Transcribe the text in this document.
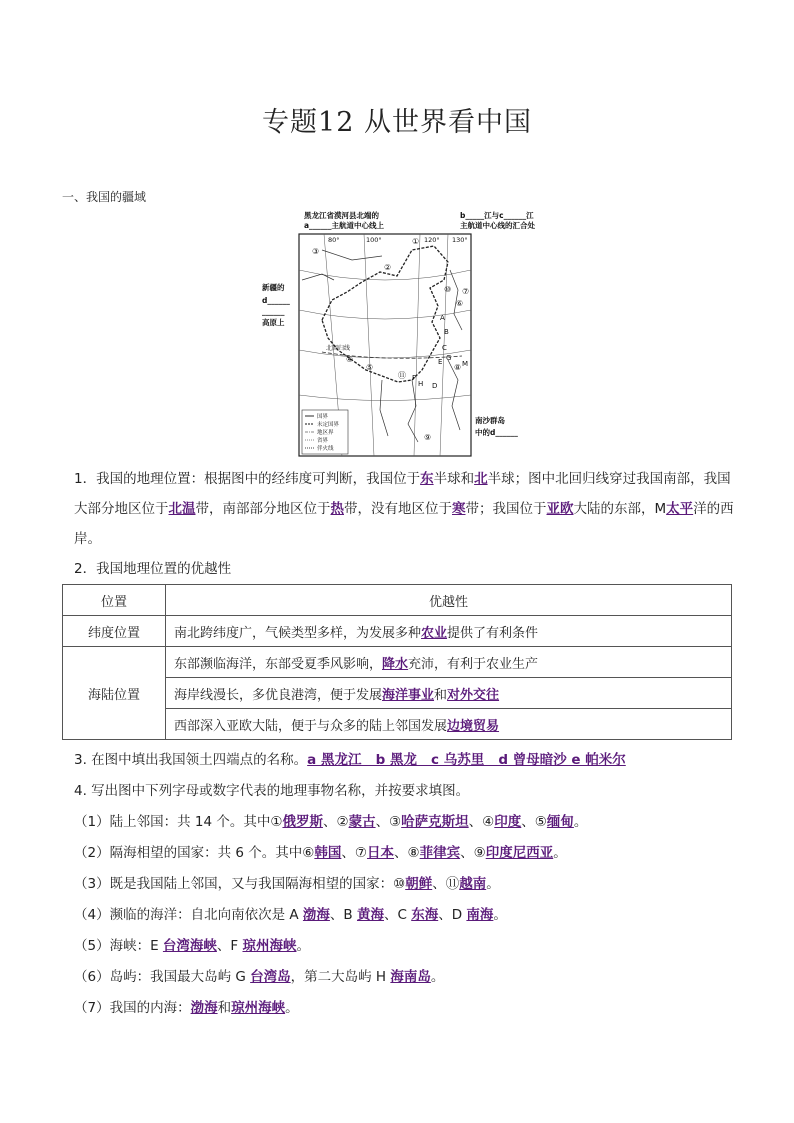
专题12 从世界看中国
一、我国的疆域
黑龙江省漠河县北端的
a______主航道中心线上
b_____江与c______江
主航道中心线的汇合处
新疆的
d______
______
高原上
南沙群岛
中的d______
80°	100°	120° 130°
北回归线
①
②
③
④
⑤
⑥
⑦
⑧
⑨
⑩
⑪
A
B
C
D
E
F
G
H
M
国界
未定国界
地区界
省界
伴火线
1．我国的地理位置：根据图中的经纬度可判断，我国位于东半球和北半球；图中北回归线穿过我国南部，我国大部分地区位于北温带，南部部分地区位于热带，没有地区位于寒带；我国位于亚欧大陆的东部，M太平洋的西岸。
2．我国地理位置的优越性
位置	优越性
纬度位置	南北跨纬度广，气候类型多样，为发展多种农业提供了有利条件
海陆位置	东部濒临海洋，东部受夏季风影响，降水充沛，有利于农业生产
	海岸线漫长，多优良港湾，便于发展海洋事业和对外交往
	西部深入亚欧大陆，便于与众多的陆上邻国发展边境贸易
3. 在图中填出我国领土四端点的名称。a 黑龙江   b 黑龙   c 乌苏里   d 曾母暗沙 e 帕米尔
4. 写出图中下列字母或数字代表的地理事物名称，并按要求填图。
（1）陆上邻国：共 14 个。其中①俄罗斯、②蒙古、③哈萨克斯坦、④印度、⑤缅甸。
（2）隔海相望的国家：共 6 个。其中⑥韩国、⑦日本、⑧菲律宾、⑨印度尼西亚。
（3）既是我国陆上邻国，又与我国隔海相望的国家：⑩朝鲜、⑪越南。
（4）濒临的海洋：自北向南依次是 A 渤海、B 黄海、C 东海、D 南海。
（5）海峡：E 台湾海峡、F 琼州海峡。
（6）岛屿：我国最大岛屿 G 台湾岛，第二大岛屿 H 海南岛。
（7）我国的内海：渤海和琼州海峡。
